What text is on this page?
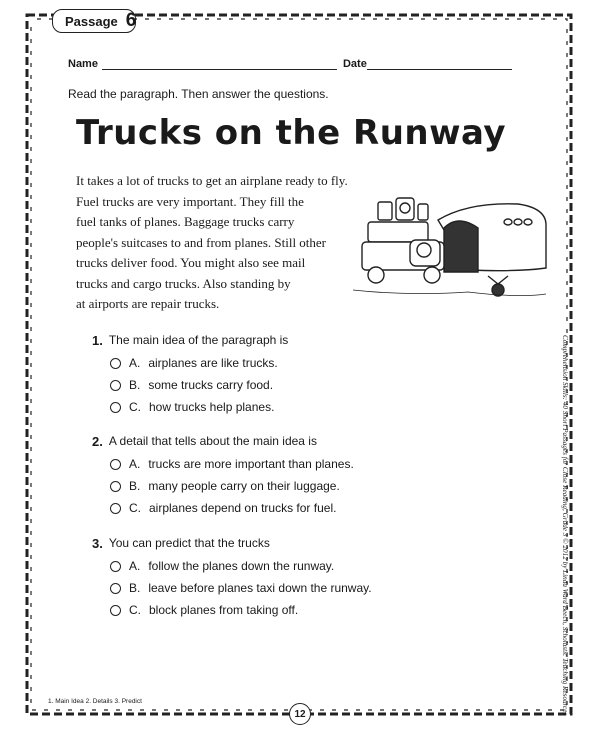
Passage 6
Name	Date
Read the paragraph. Then answer the questions.
Trucks on the Runway
It takes a lot of trucks to get an airplane ready to fly.
Fuel trucks are very important. They fill the
fuel tanks of planes. Baggage trucks carry
people's suitcases to and from planes. Still other
trucks deliver food. You might also see mail
trucks and cargo trucks. Also standing by
at airports are repair trucks.
1. The main idea of the paragraph is
A. airplanes are like trucks.
B. some trucks carry food.
C. how trucks help planes.
2. A detail that tells about the main idea is
A. trucks are more important than planes.
B. many people carry on their luggage.
C. airplanes depend on trucks for fuel.
3. You can predict that the trucks
A. follow the planes down the runway.
B. leave before planes taxi down the runway.
C. block planes from taking off.	Comprehension Skills: 40 Short Passages for Close Reading, Grade 3 © 2012 by Linda Ward Beech, Scholastic Teaching Resources
1. Main Idea 2. Details 3. Predict
12
